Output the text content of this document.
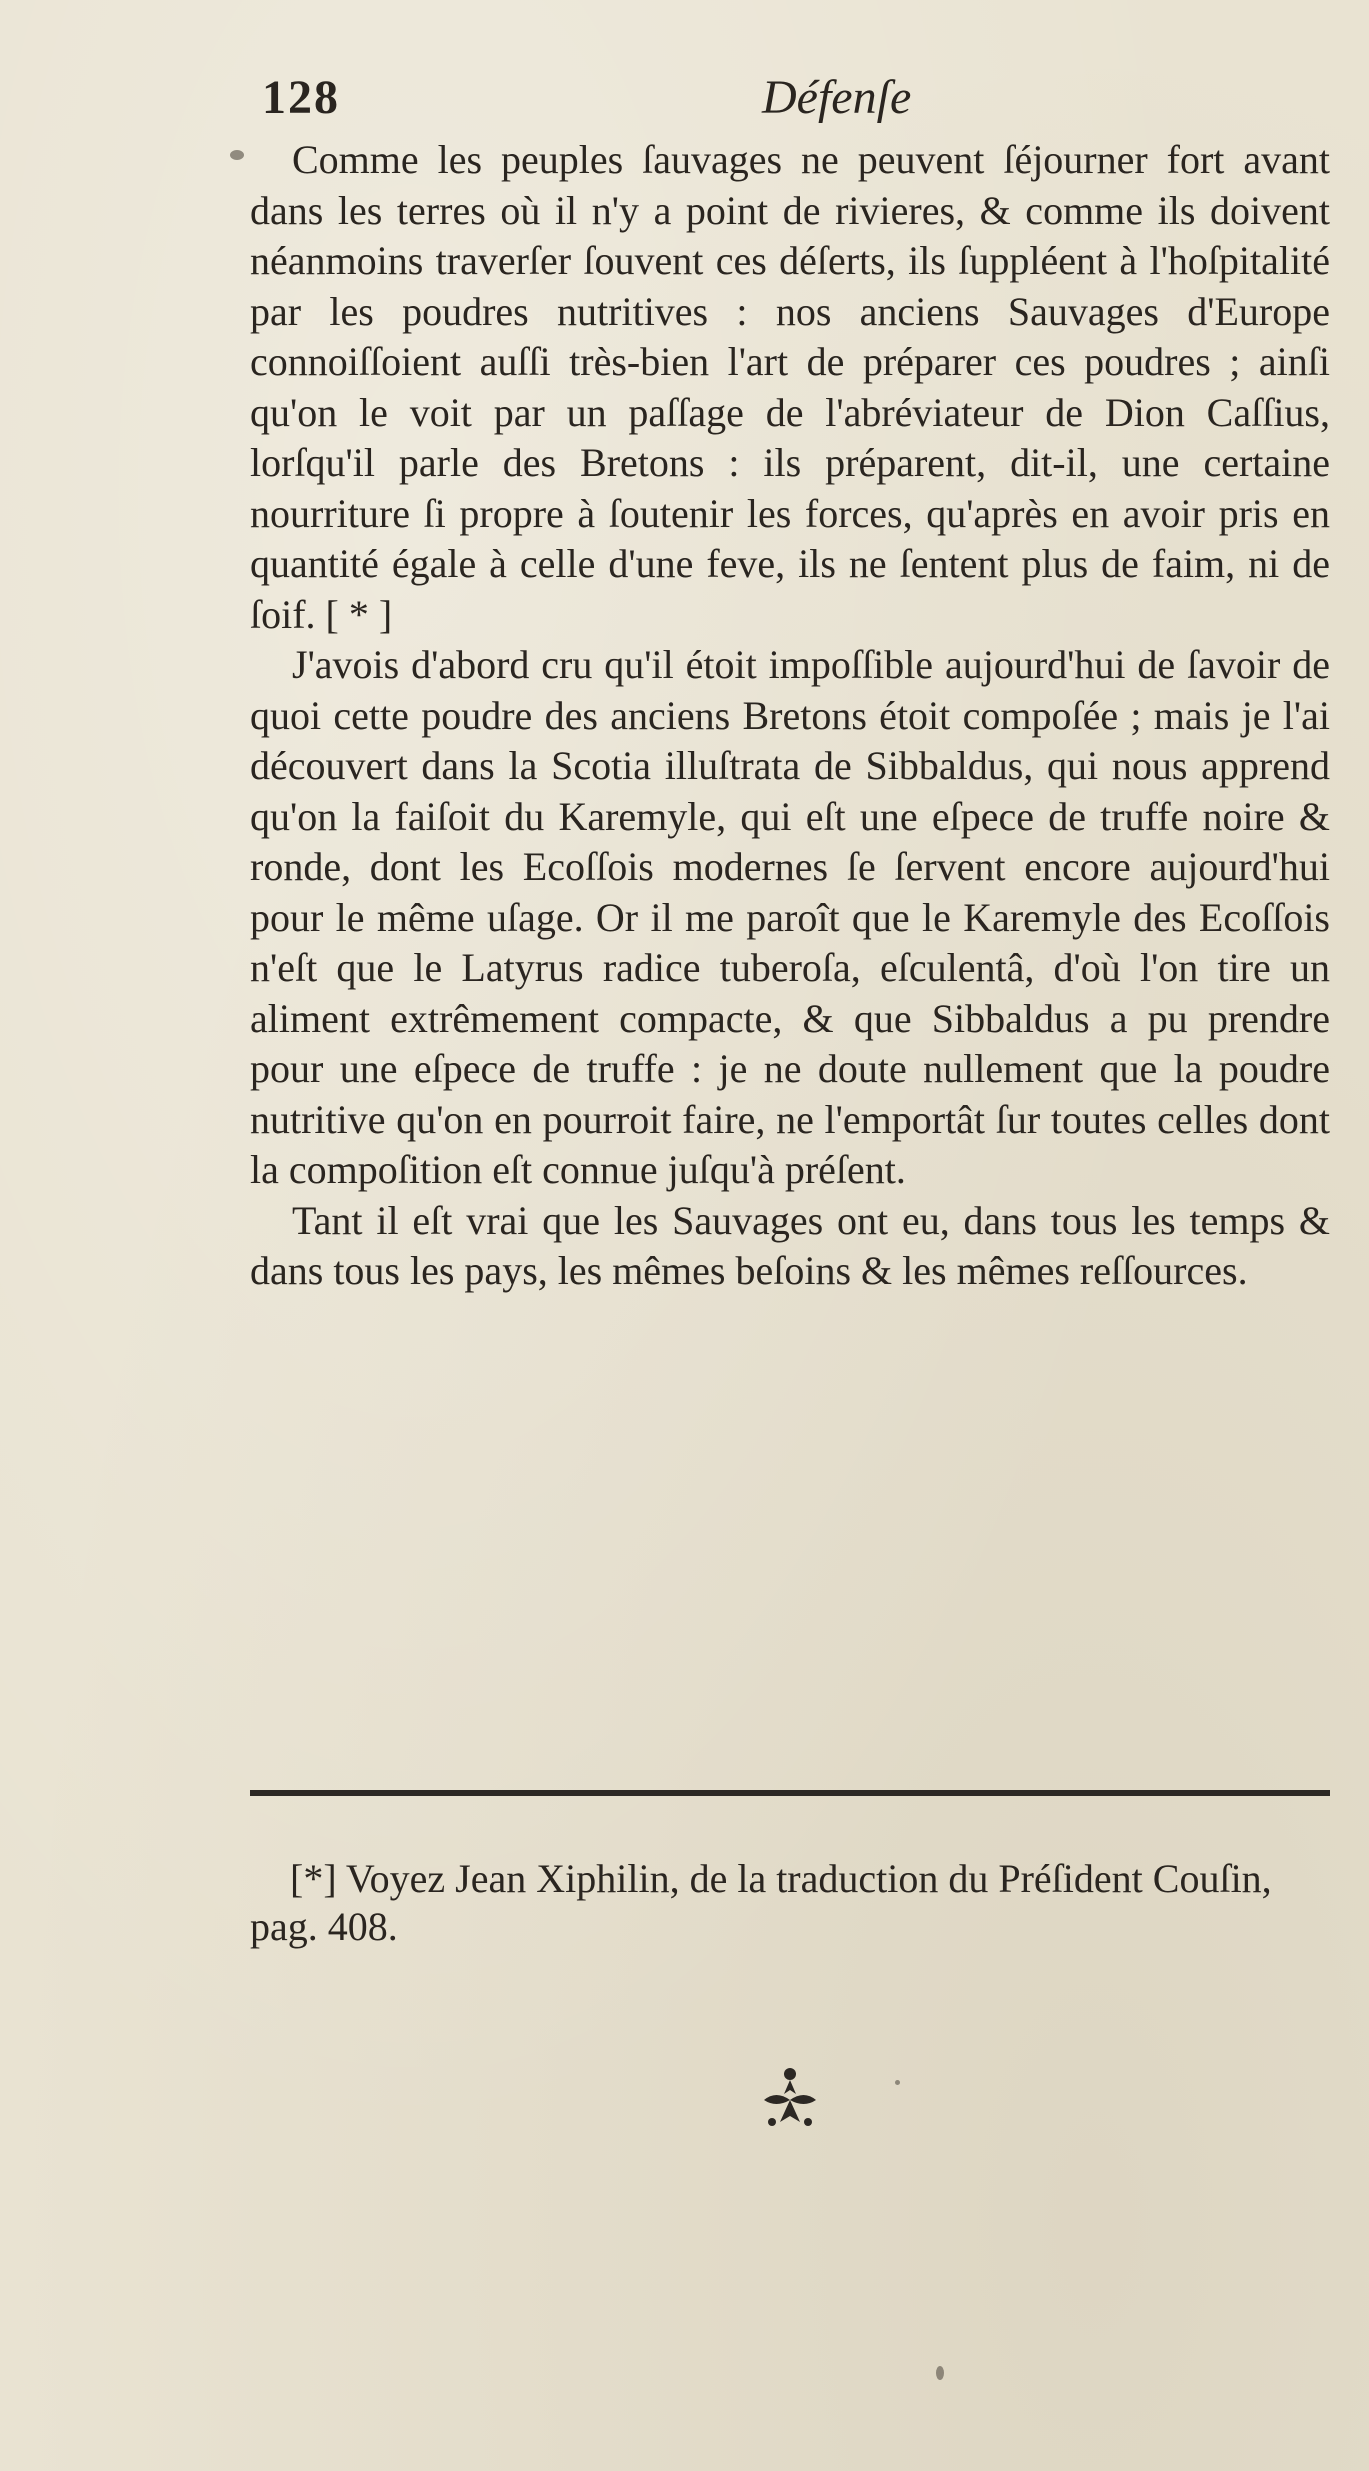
128	Défenſe

Comme les peuples ſauvages ne peuvent ſéjourner fort avant dans les terres où il n'y a point de rivieres, & comme ils doivent néanmoins traverſer ſouvent ces déſerts, ils ſuppléent à l'hoſpitalité par les poudres nutritives : nos anciens Sauvages d'Europe connoiſſoient auſſi très-bien l'art de préparer ces poudres ; ainſi qu'on le voit par un paſſage de l'abréviateur de Dion Caſſius, lorſqu'il parle des Bretons : ils préparent, dit-il, une certaine nourriture ſi propre à ſoutenir les forces, qu'après en avoir pris en quantité égale à celle d'une feve, ils ne ſentent plus de faim, ni de ſoif. [ * ]

J'avois d'abord cru qu'il étoit impoſſible aujourd'hui de ſavoir de quoi cette poudre des anciens Bretons étoit compoſée ; mais je l'ai découvert dans la Scotia illuſtrata de Sibbaldus, qui nous apprend qu'on la faiſoit du Karemyle, qui eſt une eſpece de truffe noire & ronde, dont les Ecoſſois modernes ſe ſervent encore aujourd'hui pour le même uſage. Or il me paroît que le Karemyle des Ecoſſois n'eſt que le Latyrus radice tuberoſa, eſculentâ, d'où l'on tire un aliment extrêmement compacte, & que Sibbaldus a pu prendre pour une eſpece de truffe : je ne doute nullement que la poudre nutritive qu'on en pourroit faire, ne l'emportât ſur toutes celles dont la compoſition eſt connue juſqu'à préſent.

Tant il eſt vrai que les Sauvages ont eu, dans tous les temps & dans tous les pays, les mêmes beſoins & les mêmes reſſources.

[*] Voyez Jean Xiphilin, de la traduction du Préſident Couſin, pag. 408.
